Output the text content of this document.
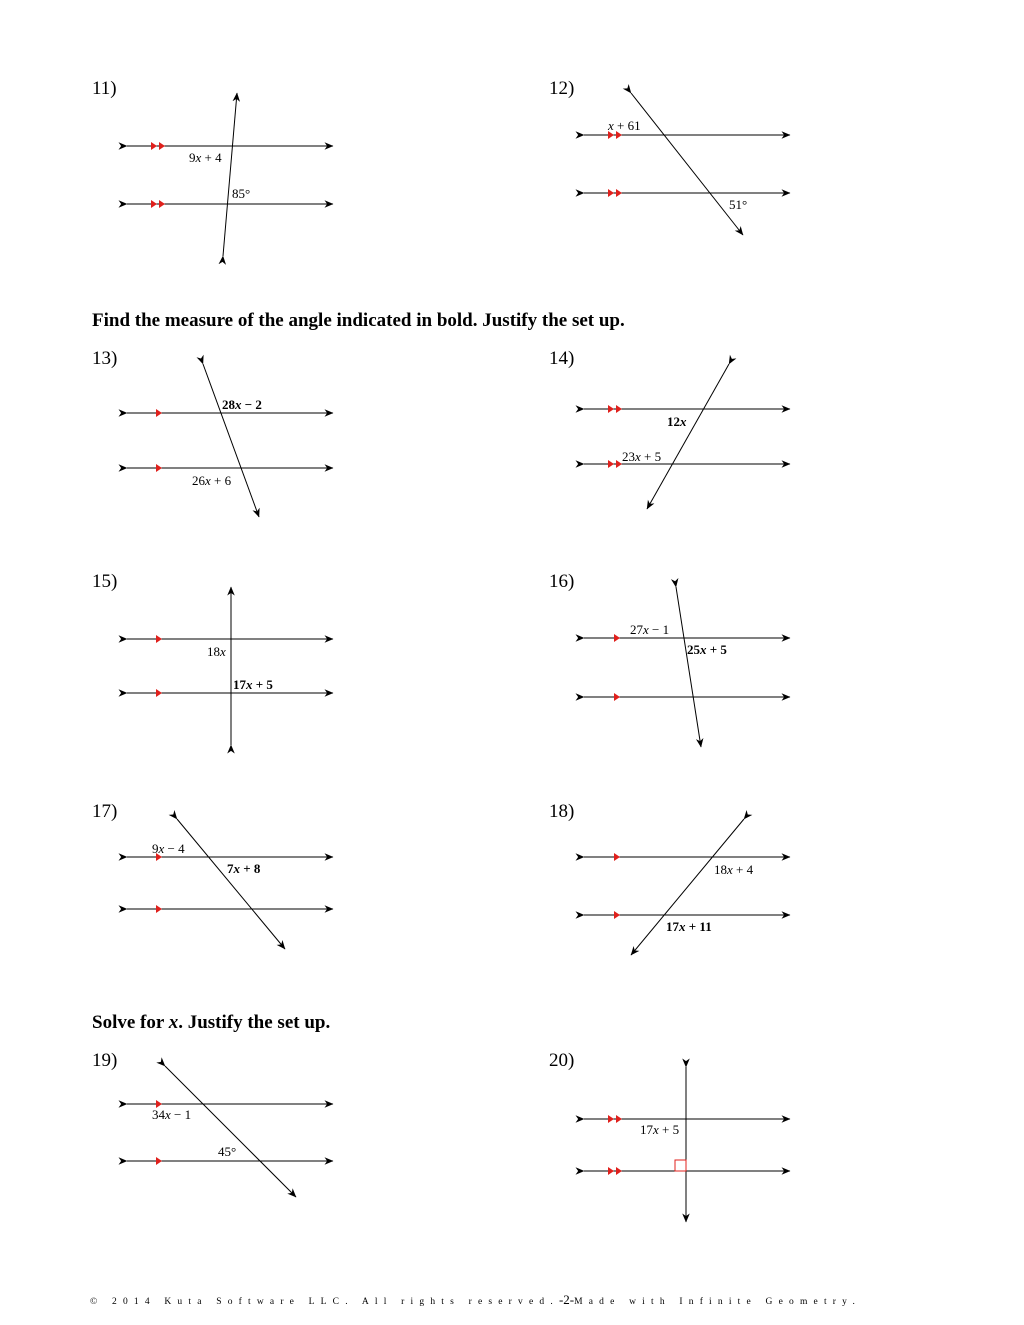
11)	12)
13)	14)
15)	16)
17)	18)
19)	20)
Find the measure of the angle indicated in bold. Justify the set up.
Solve for x. Justify the set up.
9x + 4
85°
x + 61
51°
28x − 2
26x + 6
12x
23x + 5
18x
17x + 5
27x − 1
25x + 5
9x − 4
7x + 8	18x + 4
17x + 11
34x − 1
45°
17x + 5
© 2014 Kuta Software LLC. All rights reserved.-2-Made with Infinite Geometry.
